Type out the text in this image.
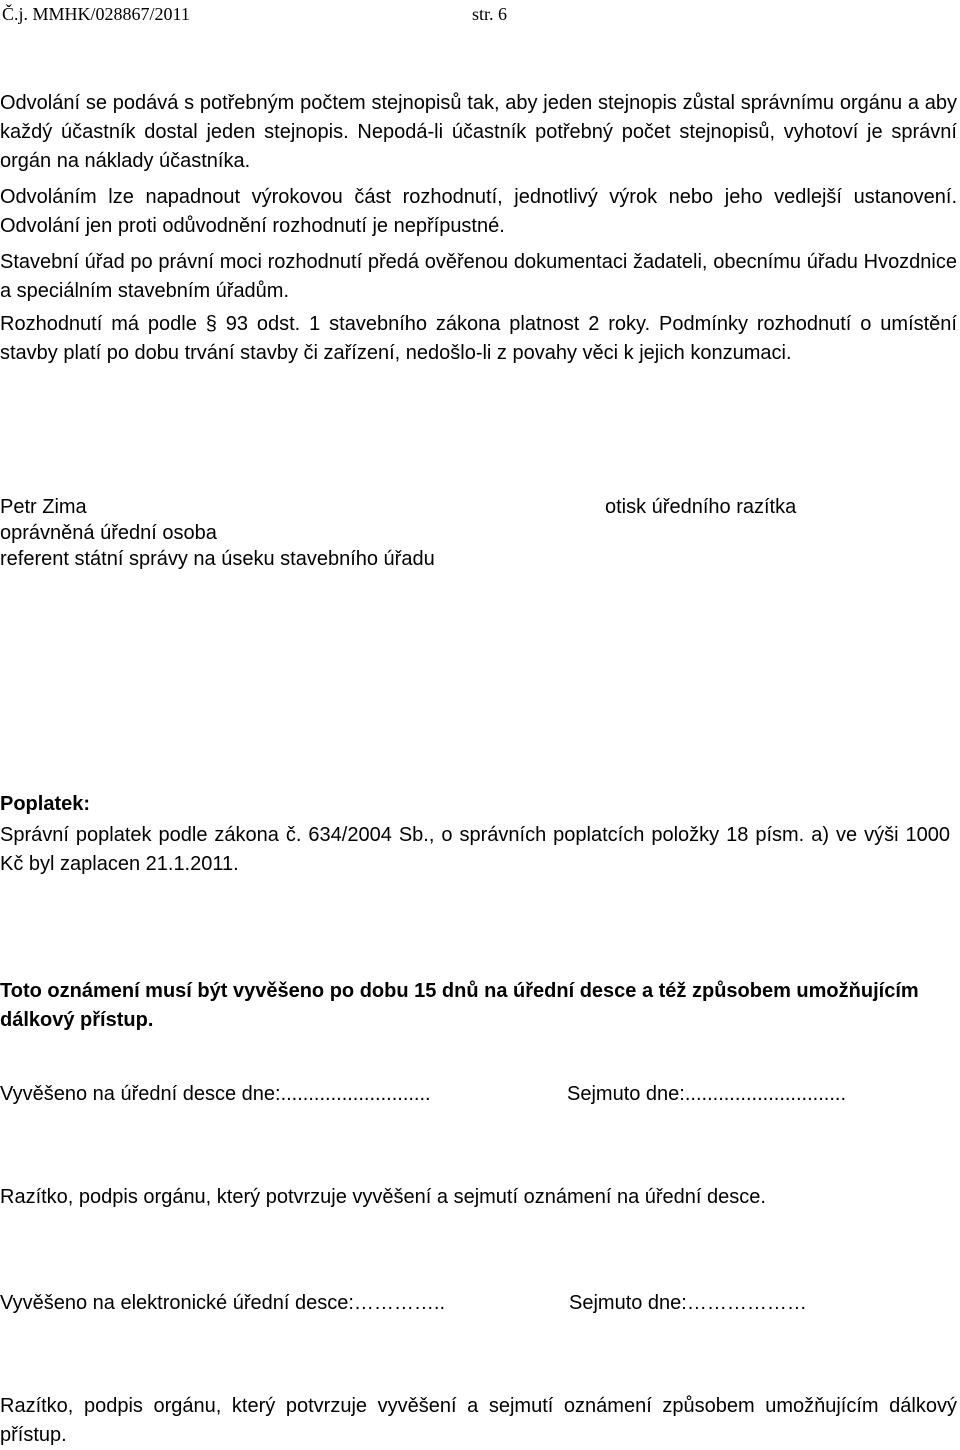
Č.j. MMHK/028867/2011	str. 6

Odvolání se podává s potřebným počtem stejnopisů tak, aby jeden stejnopis zůstal správnímu orgánu a aby každý účastník dostal jeden stejnopis. Nepodá-li účastník potřebný počet stejnopisů, vyhotoví je správní orgán na náklady účastníka.

Odvoláním lze napadnout výrokovou část rozhodnutí, jednotlivý výrok nebo jeho vedlejší ustanovení. Odvolání jen proti odůvodnění rozhodnutí je nepřípustné.

Stavební úřad po právní moci rozhodnutí předá ověřenou dokumentaci žadateli, obecnímu úřadu Hvozdnice a speciálním stavebním úřadům.

Rozhodnutí má podle § 93 odst. 1 stavebního zákona platnost 2 roky. Podmínky rozhodnutí o umístění stavby platí po dobu trvání stavby či zařízení, nedošlo-li z povahy věci k jejich konzumaci.

Petr Zima
oprávněná úřední osoba
referent státní správy na úseku stavebního úřadu
otisk úředního razítka
Poplatek:

Správní poplatek podle zákona č. 634/2004 Sb., o správních poplatcích položky 18 písm. a) ve výši 1000 Kč byl zaplacen 21.1.2011.

Toto oznámení musí být vyvěšeno po dobu 15 dnů na úřední desce a též způsobem umožňujícím dálkový přístup.

Vyvěšeno na úřední desce dne:...........................	Sejmuto dne:.............................
Razítko, podpis orgánu, který potvrzuje vyvěšení a sejmutí oznámení na úřední desce.
Vyvěšeno na elektronické úřední desce:…………..	Sejmuto dne:………………

Razítko, podpis orgánu, který potvrzuje vyvěšení a sejmutí oznámení způsobem umožňujícím dálkový přístup.
